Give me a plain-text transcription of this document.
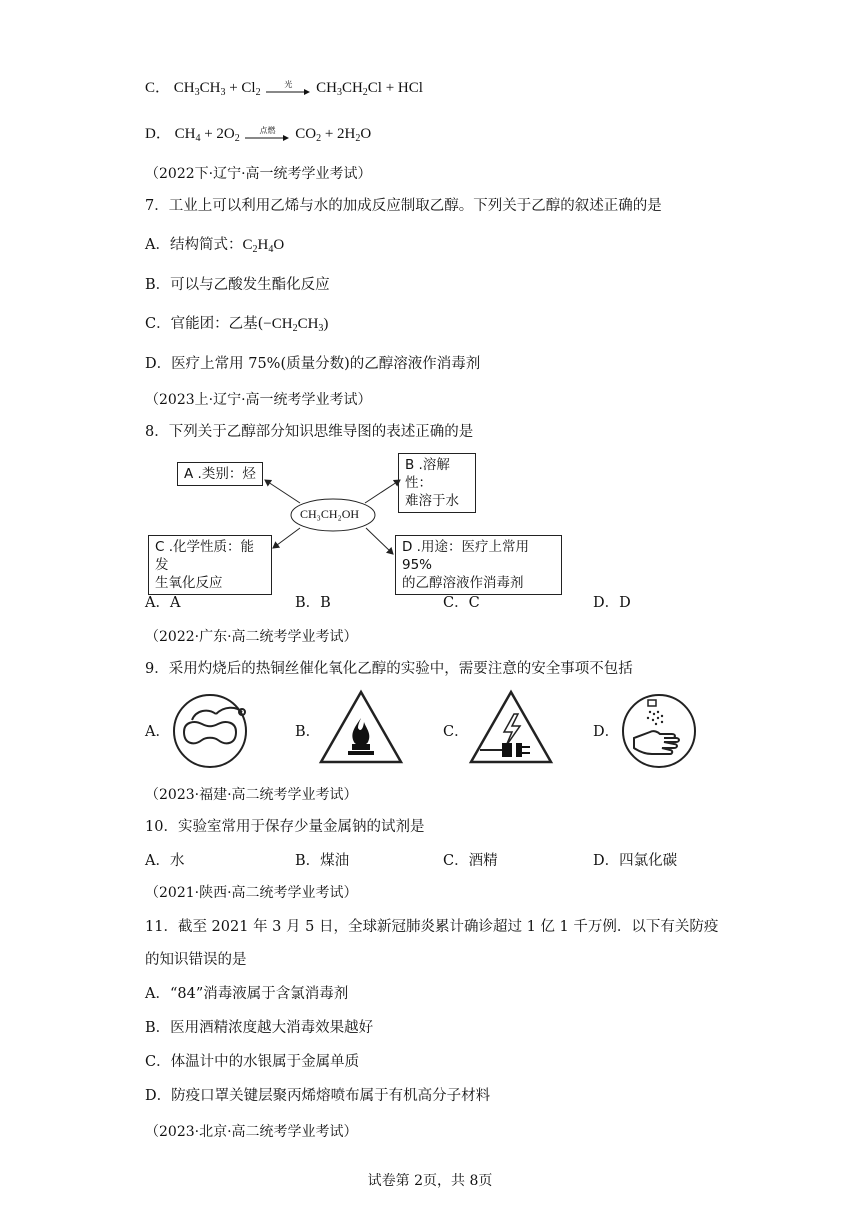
C． $CH_3CH_3 + Cl_2$
光	$CH_3CH_2Cl$ + HCl
D． $CH_4 + 2O_2$
点燃	$CO_2 + 2H_2O$
（2022下·辽宁·高一统考学业考试）
7．工业上可以利用乙烯与水的加成反应制取乙醇。下列关于乙醇的叙述正确的是
A．结构简式：$C_2H_4O$
B．可以与乙酸发生酯化反应
C．官能团：乙基$(-CH_2CH_3)$
D．医疗上常用 75%(质量分数)的乙醇溶液作消毒剂
（2023上·辽宁·高一统考学业考试）
8．下列关于乙醇部分知识思维导图的表述正确的是
CH₃CH₂OH
A .类别：烃
B .溶解性：
难溶于水
C .化学性质：能发
生氧化反应
D .用途：医疗上常用95%
的乙醇溶液作消毒剂
A．A	B．B	C．C	D．D
（2022·广东·高二统考学业考试）
9．采用灼烧后的热铜丝催化氧化乙醇的实验中，需要注意的安全事项不包括
A．	B．	C．	D．
（2023·福建·高二统考学业考试）
10．实验室常用于保存少量金属钠的试剂是
A．水	B．煤油	C．酒精	D．四氯化碳
（2021·陕西·高二统考学业考试）
11．截至 2021 年 3 月 5 日，全球新冠肺炎累计确诊超过 1 亿 1 千万例．以下有关防疫
的知识错误的是
A．“84”消毒液属于含氯消毒剂
B．医用酒精浓度越大消毒效果越好
C．体温计中的水银属于金属单质
D．防疫口罩关键层聚丙烯熔喷布属于有机高分子材料
（2023·北京·高二统考学业考试）
试卷第 2页，共 8页
